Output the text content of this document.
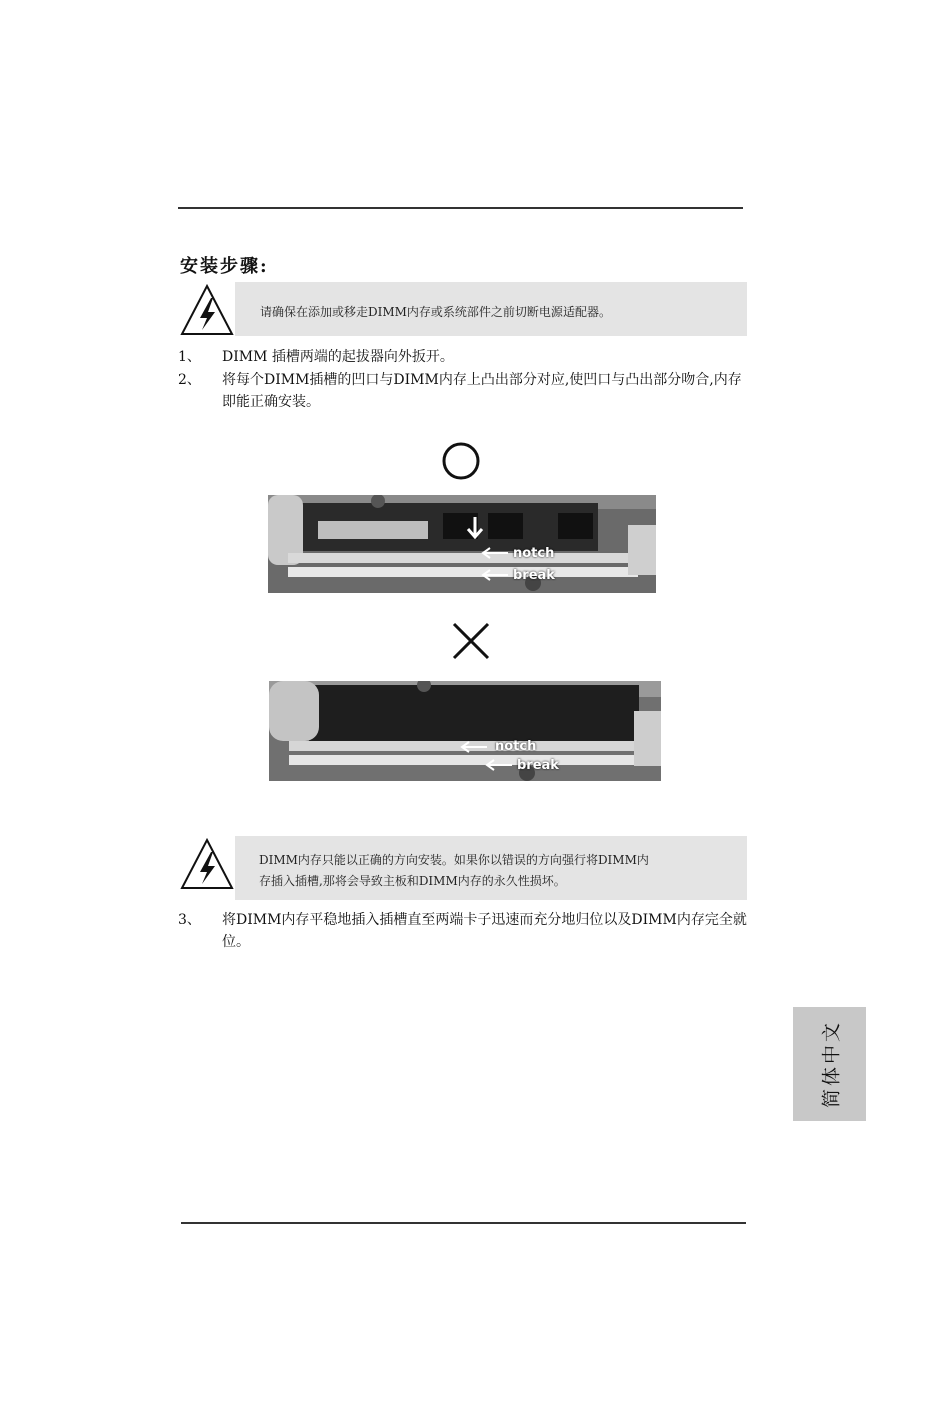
安装步骤:
请确保在添加或移走DIMM内存或系统部件之前切断电源适配器。
1、 DIMM 插槽两端的起拔器向外扳开。
2、 将每个DIMM插槽的凹口与DIMM内存上凸出部分对应,使凹口与凸出部分吻合,内存即能正确安装。
notch
break
notch
break
DIMM内存只能以正确的方向安装。如果你以错误的方向强行将DIMM内
存插入插槽,那将会导致主板和DIMM内存的永久性损坏。
3、 将DIMM内存平稳地插入插槽直至两端卡子迅速而充分地归位以及DIMM内存完全就位。
简体中文
